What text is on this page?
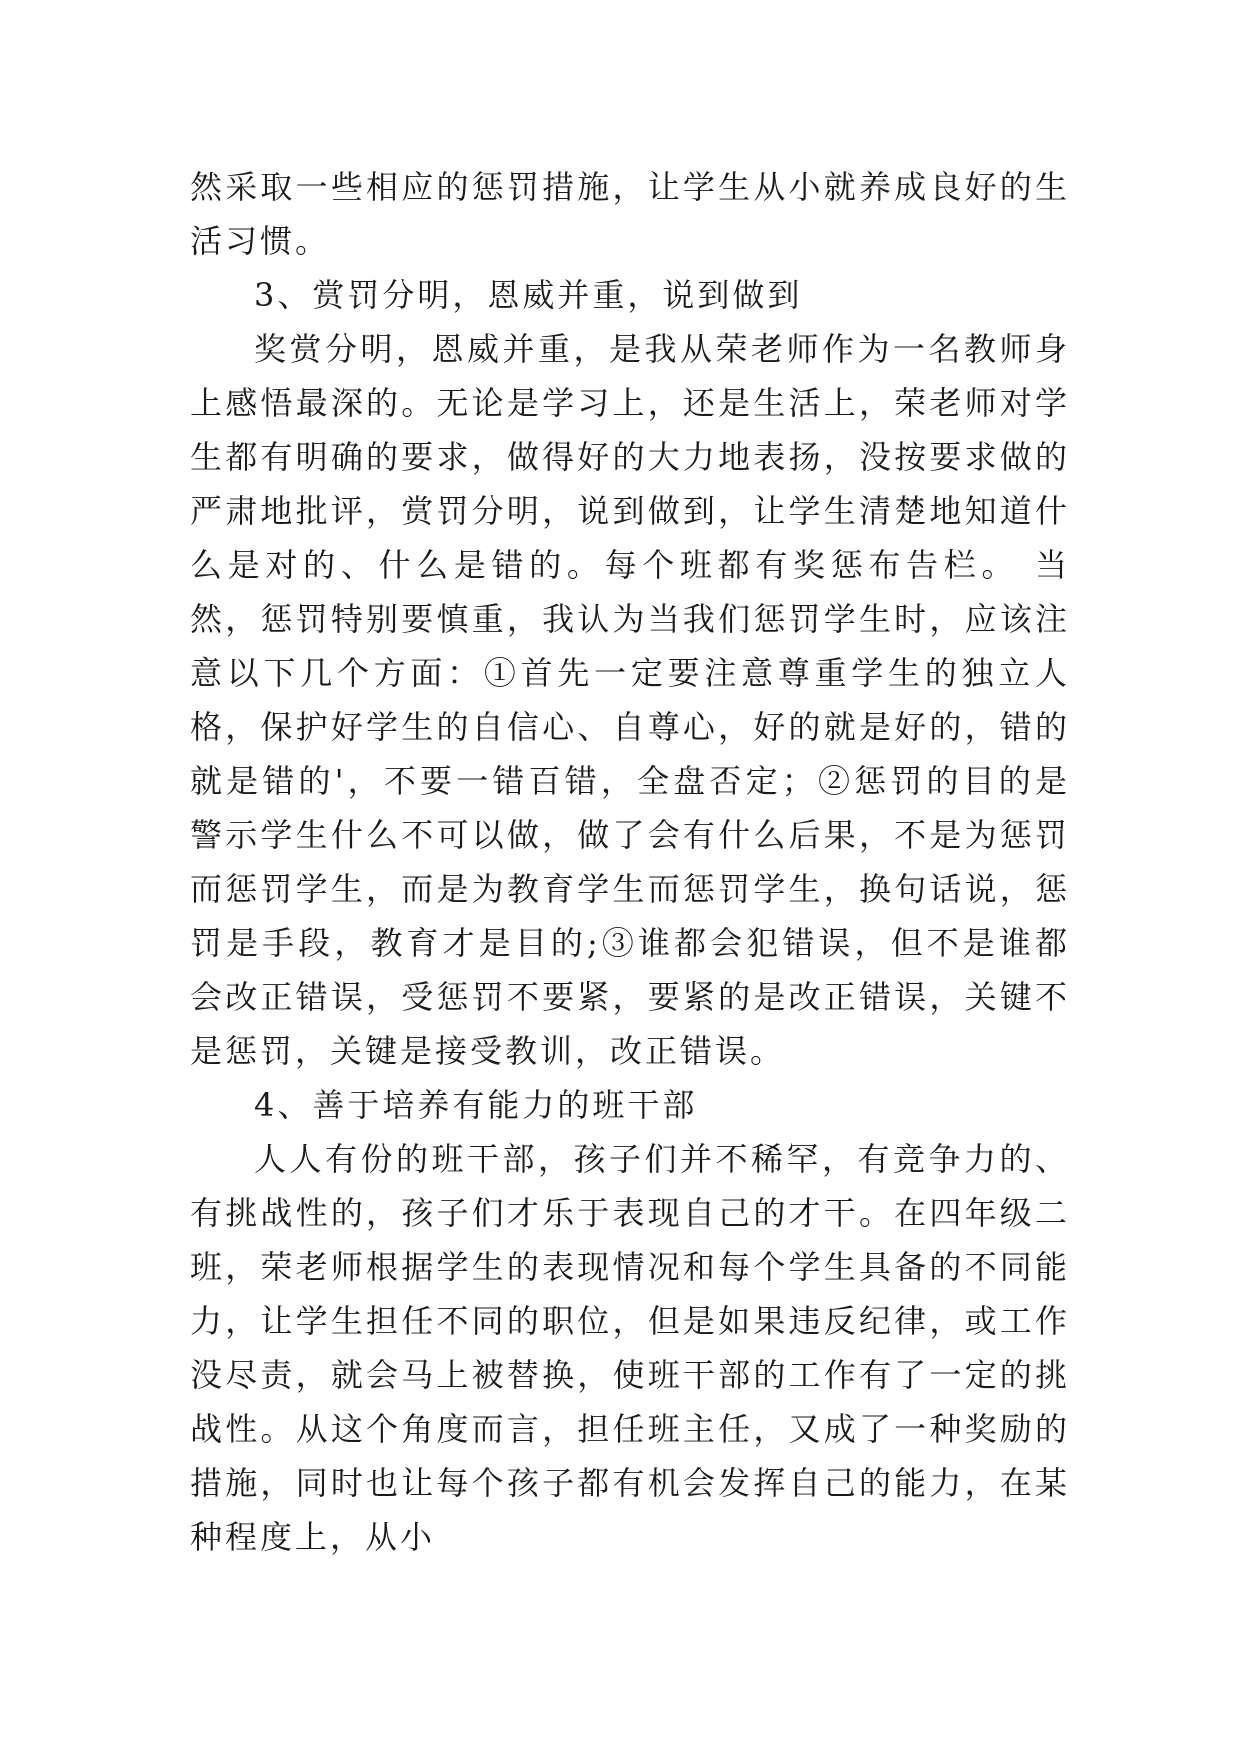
然采取一些相应的惩罚措施，让学生从小就养成良好的生活习惯。

3、赏罚分明，恩威并重，说到做到

奖赏分明，恩威并重，是我从荣老师作为一名教师身上感悟最深的。无论是学习上，还是生活上，荣老师对学生都有明确的要求，做得好的大力地表扬，没按要求做的严肃地批评，赏罚分明，说到做到，让学生清楚地知道什么是对的、什么是错的。每个班都有奖惩布告栏。 当然，惩罚特别要慎重，我认为当我们惩罚学生时，应该注意以下几个方面：①首先一定要注意尊重学生的独立人格，保护好学生的自信心、自尊心，好的就是好的，错的就是错的'，不要一错百错，全盘否定；②惩罚的目的是警示学生什么不可以做，做了会有什么后果，不是为惩罚而惩罚学生，而是为教育学生而惩罚学生，换句话说，惩罚是手段，教育才是目的;③谁都会犯错误，但不是谁都会改正错误，受惩罚不要紧，要紧的是改正错误，关键不是惩罚，关键是接受教训，改正错误。

4、善于培养有能力的班干部

人人有份的班干部，孩子们并不稀罕，有竞争力的、有挑战性的，孩子们才乐于表现自己的才干。在四年级二班，荣老师根据学生的表现情况和每个学生具备的不同能力，让学生担任不同的职位，但是如果违反纪律，或工作没尽责，就会马上被替换，使班干部的工作有了一定的挑战性。从这个角度而言，担任班主任，又成了一种奖励的措施，同时也让每个孩子都有机会发挥自己的能力，在某种程度上，从小
